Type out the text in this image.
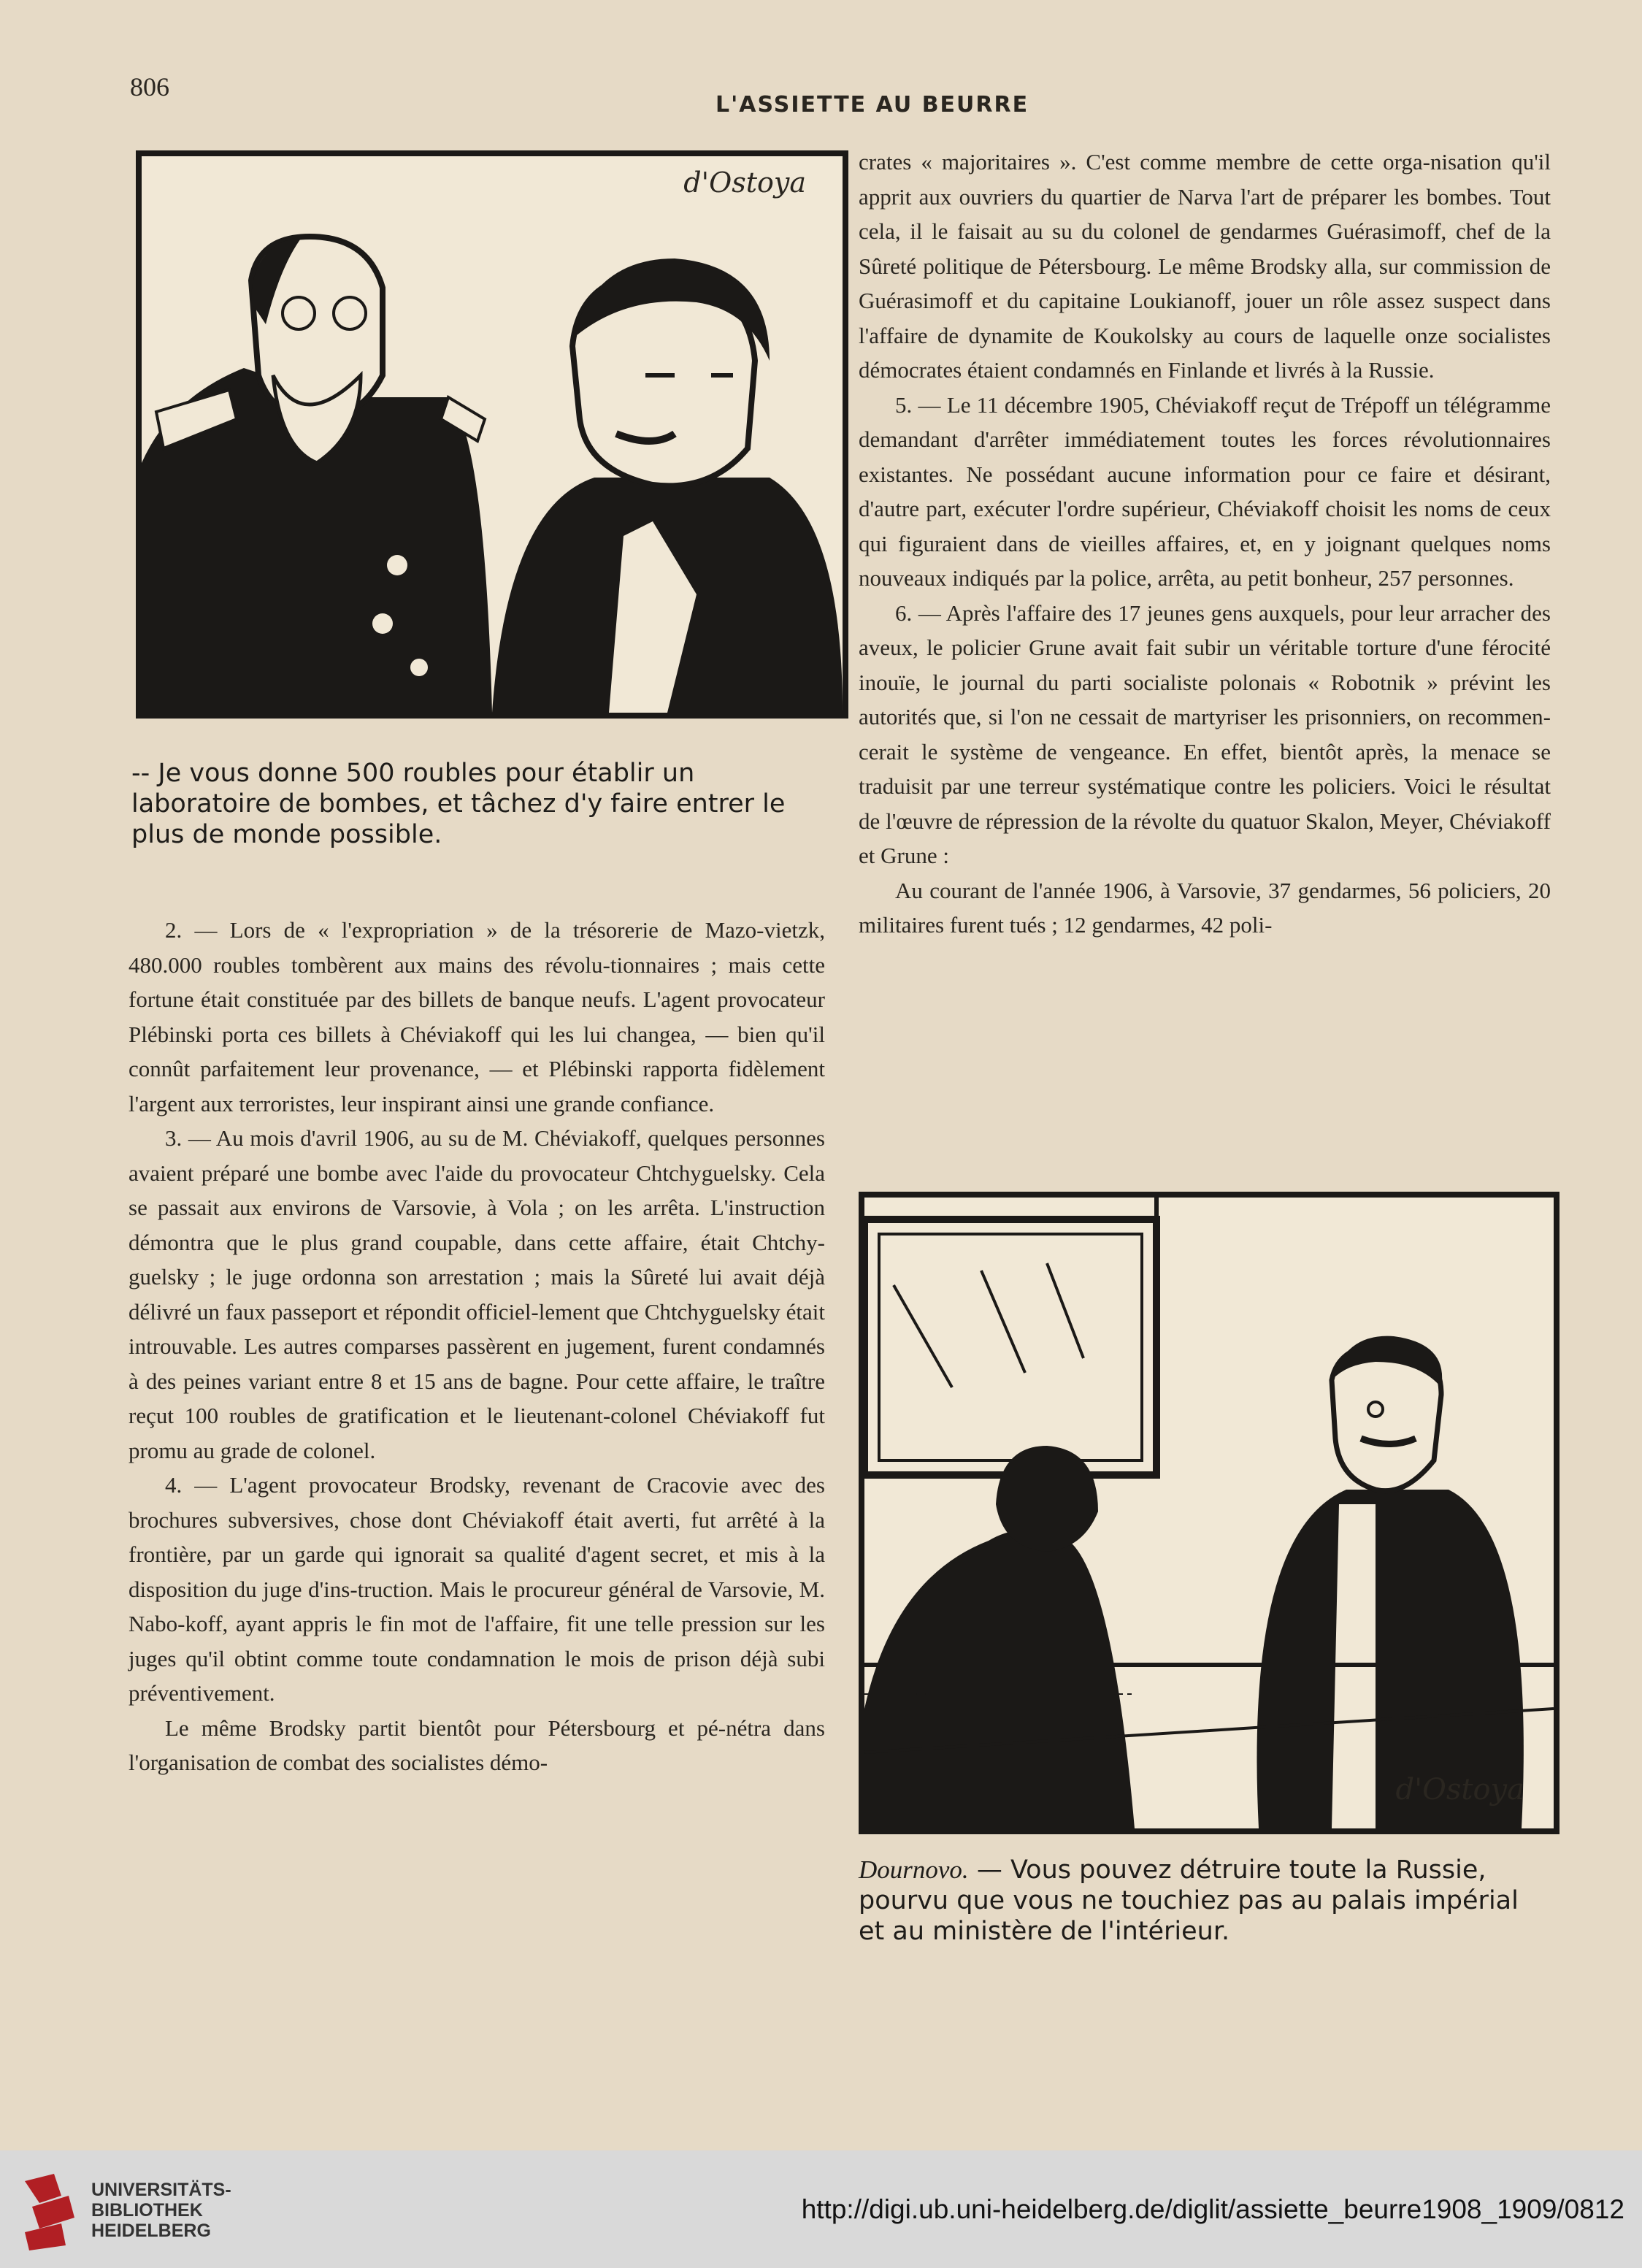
806
L'ASSIETTE AU BEURRE
d'Ostoya
-- Je vous donne 500 roubles pour établir un laboratoire de bombes, et tâchez d'y faire entrer le plus de monde possible.

2. — Lors de « l'expropriation » de la trésorerie de Mazo-vietzk, 480.000 roubles tombèrent aux mains des révolu-tionnaires ; mais cette fortune était constituée par des billets de banque neufs. L'agent provocateur Plébinski porta ces billets à Chéviakoff qui les lui changea, — bien qu'il connût parfaitement leur provenance, — et Plébinski rapporta fidèlement l'argent aux terroristes, leur inspirant ainsi une grande confiance.

3. — Au mois d'avril 1906, au su de M. Chéviakoff, quelques personnes avaient préparé une bombe avec l'aide du provocateur Chtchyguelsky. Cela se passait aux environs de Varsovie, à Vola ; on les arrêta. L'instruction démontra que le plus grand coupable, dans cette affaire, était Chtchy-guelsky ; le juge ordonna son arrestation ; mais la Sûreté lui avait déjà délivré un faux passeport et répondit officiel-lement que Chtchyguelsky était introuvable. Les autres comparses passèrent en jugement, furent condamnés à des peines variant entre 8 et 15 ans de bagne. Pour cette affaire, le traître reçut 100 roubles de gratification et le lieutenant-colonel Chéviakoff fut promu au grade de colonel.

4. — L'agent provocateur Brodsky, revenant de Cracovie avec des brochures subversives, chose dont Chéviakoff était averti, fut arrêté à la frontière, par un garde qui ignorait sa qualité d'agent secret, et mis à la disposition du juge d'ins-truction. Mais le procureur général de Varsovie, M. Nabo-koff, ayant appris le fin mot de l'affaire, fit une telle pression sur les juges qu'il obtint comme toute condamnation le mois de prison déjà subi préventivement.

Le même Brodsky partit bientôt pour Pétersbourg et pé-nétra dans l'organisation de combat des socialistes démo-

crates « majoritaires ». C'est comme membre de cette orga-nisation qu'il apprit aux ouvriers du quartier de Narva l'art de préparer les bombes. Tout cela, il le faisait au su du colonel de gendarmes Guérasimoff, chef de la Sûreté politique de Pétersbourg. Le même Brodsky alla, sur commission de Guérasimoff et du capitaine Loukianoff, jouer un rôle assez suspect dans l'affaire de dynamite de Koukolsky au cours de laquelle onze socialistes démocrates étaient condamnés en Finlande et livrés à la Russie.

5. — Le 11 décembre 1905, Chéviakoff reçut de Trépoff un télégramme demandant d'arrêter immédiatement toutes les forces révolutionnaires existantes. Ne possédant aucune information pour ce faire et désirant, d'autre part, exécuter l'ordre supérieur, Chéviakoff choisit les noms de ceux qui figuraient dans de vieilles affaires, et, en y joignant quelques noms nouveaux indiqués par la police, arrêta, au petit bonheur, 257 personnes.

6. — Après l'affaire des 17 jeunes gens auxquels, pour leur arracher des aveux, le policier Grune avait fait subir un véritable torture d'une férocité inouïe, le journal du parti socialiste polonais « Robotnik » prévint les autorités que, si l'on ne cessait de martyriser les prisonniers, on recommen-cerait le système de vengeance. En effet, bientôt après, la menace se traduisit par une terreur systématique contre les policiers. Voici le résultat de l'œuvre de répression de la révolte du quatuor Skalon, Meyer, Chéviakoff et Grune :

Au courant de l'année 1906, à Varsovie, 37 gendarmes, 56 policiers, 20 militaires furent tués ; 12 gendarmes, 42 poli-

d'Ostoya
Dournovo. — Vous pouvez détruire toute la Russie, pourvu que vous ne touchiez pas au palais impérial et au ministère de l'intérieur.
UNIVERSITÄTS-
BIBLIOTHEK
HEIDELBERG
http://digi.ub.uni-heidelberg.de/diglit/assiette_beurre1908_1909/0812
